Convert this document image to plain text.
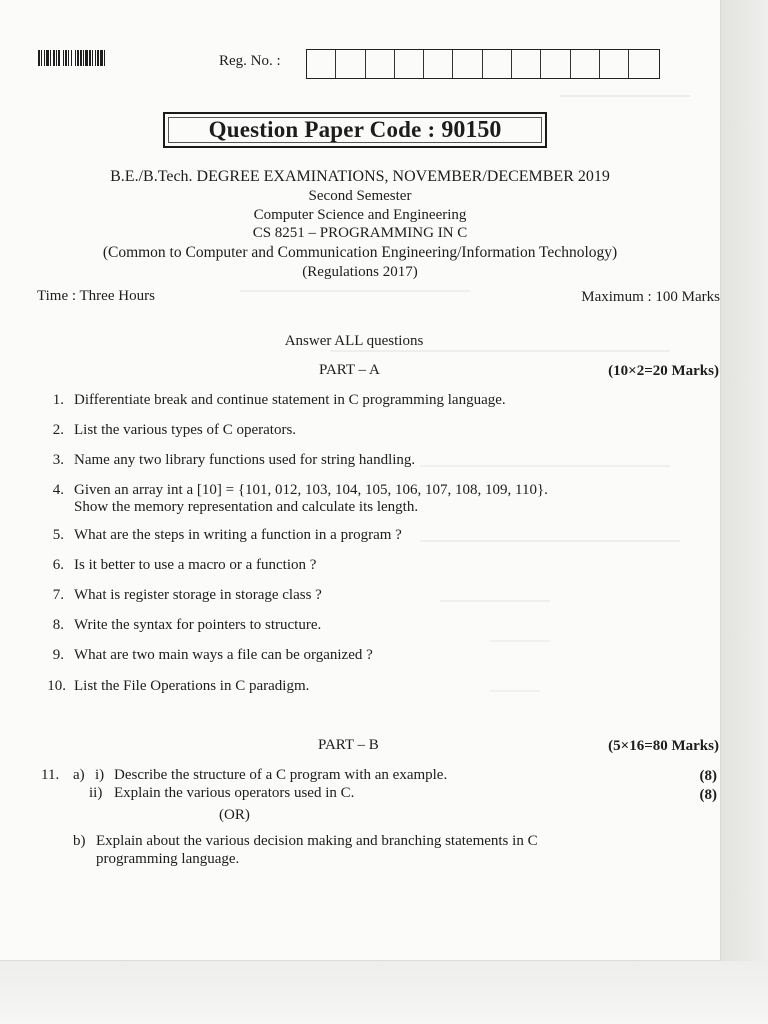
Reg. No. :
Question Paper Code : 90150
B.E./B.Tech. DEGREE EXAMINATIONS, NOVEMBER/DECEMBER 2019
Second Semester
Computer Science and Engineering
CS 8251 – PROGRAMMING IN C
(Common to Computer and Communication Engineering/Information Technology)
(Regulations 2017)
Time : Three Hours	Maximum : 100 Marks
Answer ALL questions
PART – A	(10×2=20 Marks)
1. Differentiate break and continue statement in C programming language.
2. List the various types of C operators.
3. Name any two library functions used for string handling.
4. Given an array int a [10] = {101, 012, 103, 104, 105, 106, 107, 108, 109, 110}.
Show the memory representation and calculate its length.
5. What are the steps in writing a function in a program ?
6. Is it better to use a macro or a function ?
7. What is register storage in storage class ?
8. Write the syntax for pointers to structure.
9. What are two main ways a file can be organized ?
10. List the File Operations in C paradigm.
PART – B	(5×16=80 Marks)
11. a) i) Describe the structure of a C program with an example.	(8)
ii) Explain the various operators used in C.	(8)
(OR)
b) Explain about the various decision making and branching statements in C
programming language.
